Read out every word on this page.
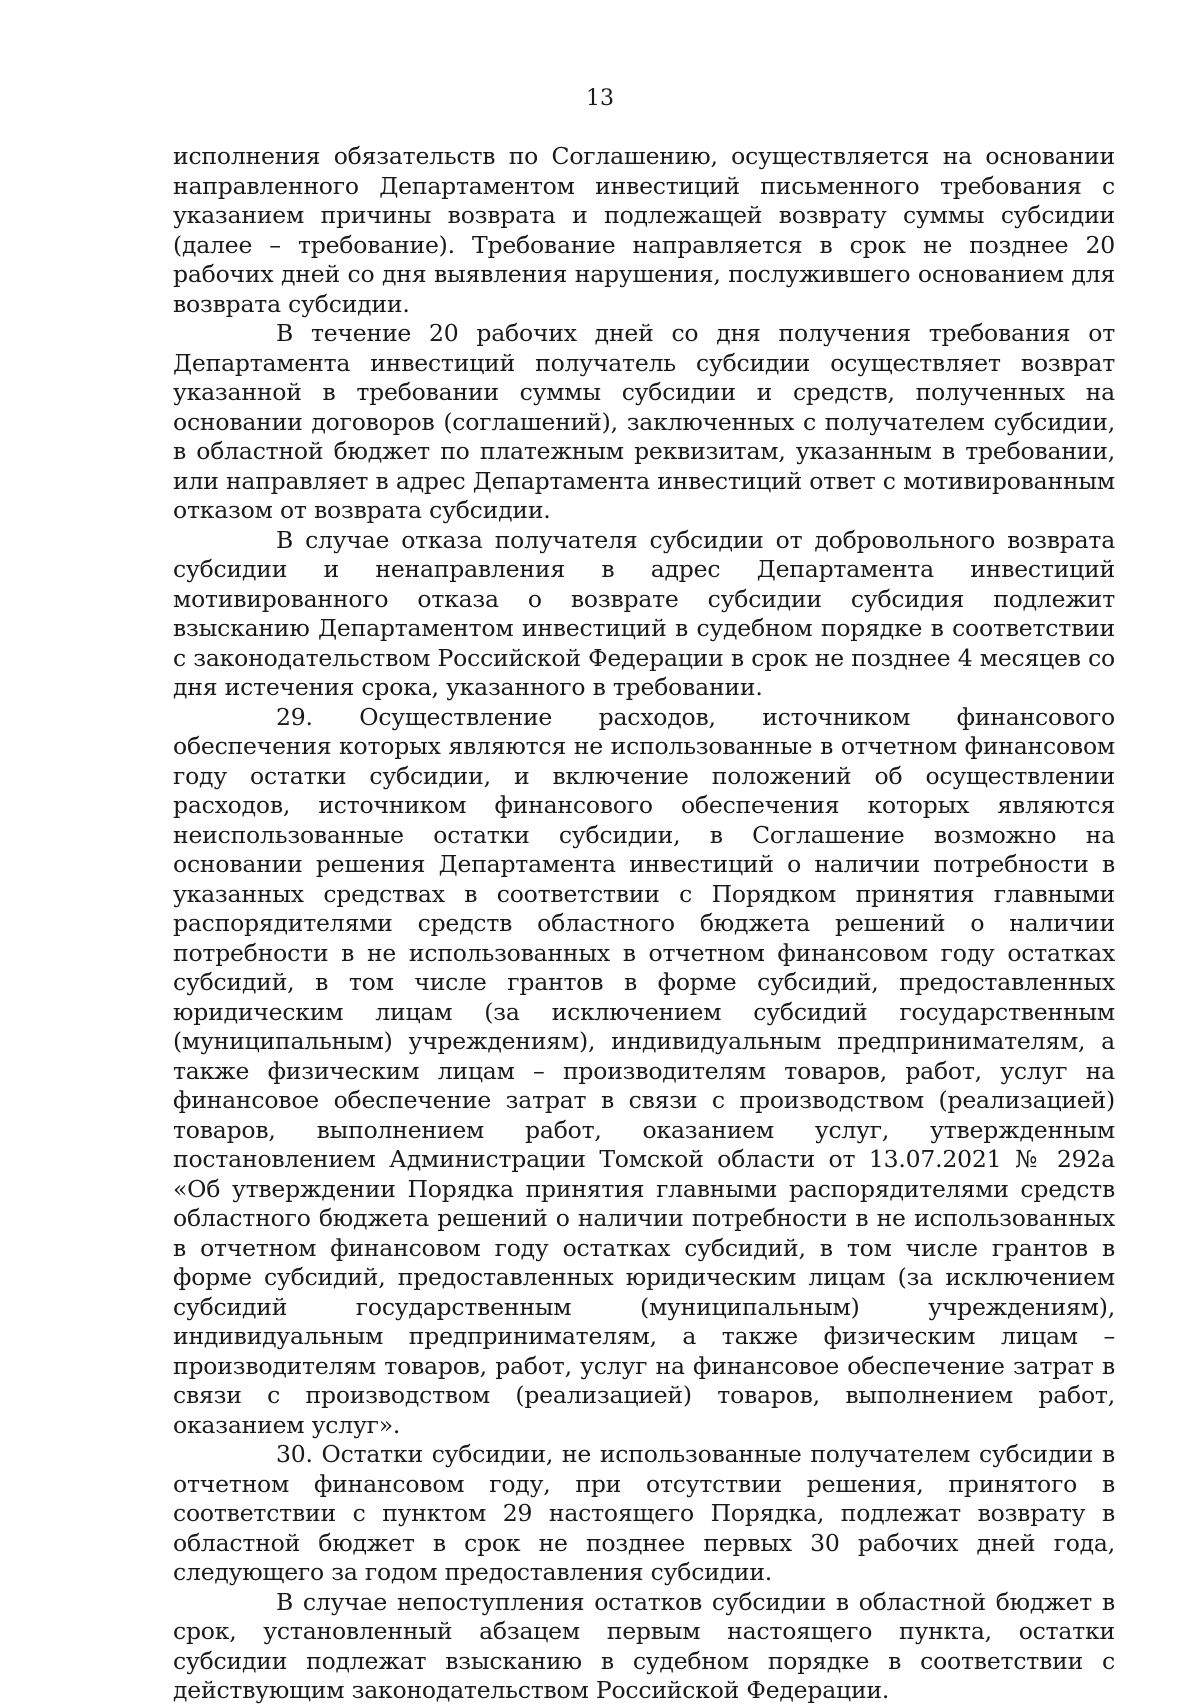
13

исполнения обязательств по Соглашению, осуществляется на основании направленного Департаментом инвестиций письменного требования с указанием причины возврата и подлежащей возврату суммы субсидии (далее – требование). Требование направляется в срок не позднее 20 рабочих дней со дня выявления нарушения, послужившего основанием для возврата субсидии.

В течение 20 рабочих дней со дня получения требования от Департамента инвестиций получатель субсидии осуществляет возврат указанной в требовании суммы субсидии и средств, полученных на основании договоров (соглашений), заключенных с получателем субсидии, в областной бюджет по платежным реквизитам, указанным в требовании, или направляет в адрес Департамента инвестиций ответ с мотивированным отказом от возврата субсидии.

В случае отказа получателя субсидии от добровольного возврата субсидии и ненаправления в адрес Департамента инвестиций мотивированного отказа о возврате субсидии субсидия подлежит взысканию Департаментом инвестиций в судебном порядке в соответствии с законодательством Российской Федерации в срок не позднее 4 месяцев со дня истечения срока, указанного в требовании.

29. Осуществление расходов, источником финансового обеспечения которых являются не использованные в отчетном финансовом году остатки субсидии, и включение положений об осуществлении расходов, источником финансового обеспечения которых являются неиспользованные остатки субсидии, в Соглашение возможно на основании решения Департамента инвестиций о наличии потребности в указанных средствах в соответствии с Порядком принятия главными распорядителями средств областного бюджета решений о наличии потребности в не использованных в отчетном финансовом году остатках субсидий, в том числе грантов в форме субсидий, предоставленных юридическим лицам (за исключением субсидий государственным (муниципальным) учреждениям), индивидуальным предпринимателям, а также физическим лицам – производителям товаров, работ, услуг на финансовое обеспечение затрат в связи с производством (реализацией) товаров, выполнением работ, оказанием услуг, утвержденным постановлением Администрации Томской области от 13.07.2021 № 292а «Об утверждении Порядка принятия главными распорядителями средств областного бюджета решений о наличии потребности в не использованных в отчетном финансовом году остатках субсидий, в том числе грантов в форме субсидий, предоставленных юридическим лицам (за исключением субсидий государственным (муниципальным) учреждениям), индивидуальным предпринимателям, а также физическим лицам – производителям товаров, работ, услуг на финансовое обеспечение затрат в связи с производством (реализацией) товаров, выполнением работ, оказанием услуг».

30. Остатки субсидии, не использованные получателем субсидии в отчетном финансовом году, при отсутствии решения, принятого в соответствии с пунктом 29 настоящего Порядка, подлежат возврату в областной бюджет в срок не позднее первых 30 рабочих дней года, следующего за годом предоставления субсидии.

В случае непоступления остатков субсидии в областной бюджет в срок, установленный абзацем первым настоящего пункта, остатки субсидии подлежат взысканию в судебном порядке в соответствии с действующим законодательством Российской Федерации.
